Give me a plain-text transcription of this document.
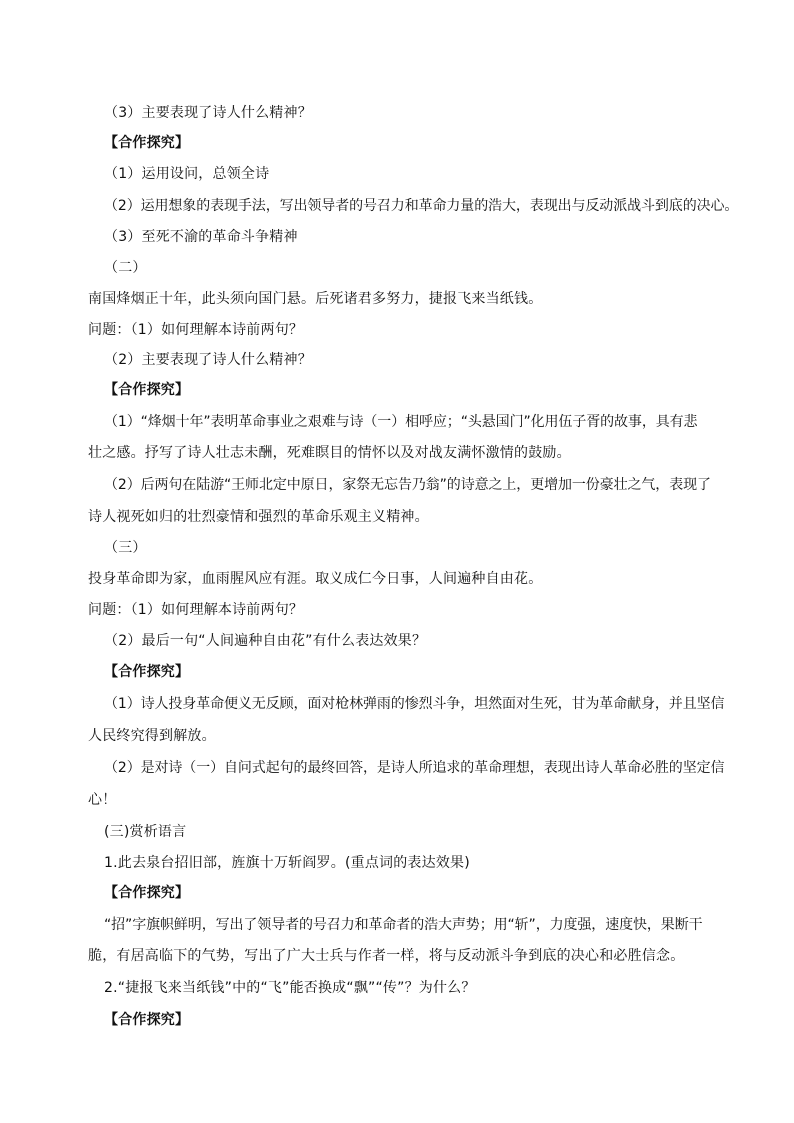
（3）主要表现了诗人什么精神？

【合作探究】

（1）运用设问，总领全诗

（2）运用想象的表现手法，写出领导者的号召力和革命力量的浩大，表现出与反动派战斗到底的决心。

（3）至死不渝的革命斗争精神

（二）

南国烽烟正十年，此头须向国门悬。后死诸君多努力，捷报飞来当纸钱。

问题：（1）如何理解本诗前两句？

（2）主要表现了诗人什么精神？

【合作探究】

（1）“烽烟十年”表明革命事业之艰难与诗（一）相呼应；“头悬国门”化用伍子胥的故事，具有悲

壮之感。抒写了诗人壮志未酬，死难瞑目的情怀以及对战友满怀激情的鼓励。

（2）后两句在陆游“王师北定中原日，家祭无忘告乃翁”的诗意之上，更增加一份豪壮之气，表现了

诗人视死如归的壮烈豪情和强烈的革命乐观主义精神。

（三）

投身革命即为家，血雨腥风应有涯。取义成仁今日事，人间遍种自由花。

问题：（1）如何理解本诗前两句？

（2）最后一句“人间遍种自由花”有什么表达效果？

【合作探究】

（1）诗人投身革命便义无反顾，面对枪林弹雨的惨烈斗争，坦然面对生死，甘为革命献身，并且坚信

人民终究得到解放。

（2）是对诗（一）自问式起句的最终回答，是诗人所追求的革命理想，表现出诗人革命必胜的坚定信

心！

(三)赏析语言

1.此去泉台招旧部，旌旗十万斩阎罗。(重点词的表达效果)

【合作探究】

“招”字旗帜鲜明，写出了领导者的号召力和革命者的浩大声势；用“斩”，力度强，速度快，果断干

脆，有居高临下的气势，写出了广大士兵与作者一样，将与反动派斗争到底的决心和必胜信念。

2.“捷报飞来当纸钱”中的“飞”能否换成“飘”“传”？为什么？

【合作探究】
